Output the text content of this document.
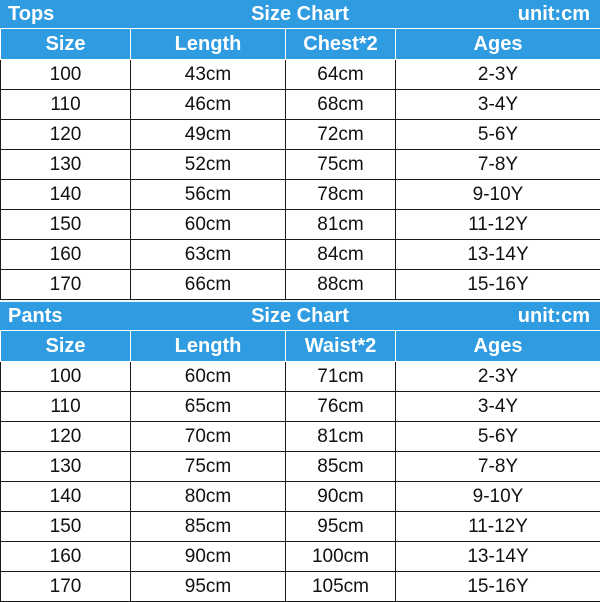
Tops	Size Chart	unit:cm
Size	Length	Chest*2	Ages
100	43cm	64cm	2-3Y
110	46cm	68cm	3-4Y
120	49cm	72cm	5-6Y
130	52cm	75cm	7-8Y
140	56cm	78cm	9-10Y
150	60cm	81cm	11-12Y
160	63cm	84cm	13-14Y
170	66cm	88cm	15-16Y
Pants	Size Chart	unit:cm
Size	Length	Waist*2	Ages
100	60cm	71cm	2-3Y
110	65cm	76cm	3-4Y
120	70cm	81cm	5-6Y
130	75cm	85cm	7-8Y
140	80cm	90cm	9-10Y
150	85cm	95cm	11-12Y
160	90cm	100cm	13-14Y
170	95cm	105cm	15-16Y
